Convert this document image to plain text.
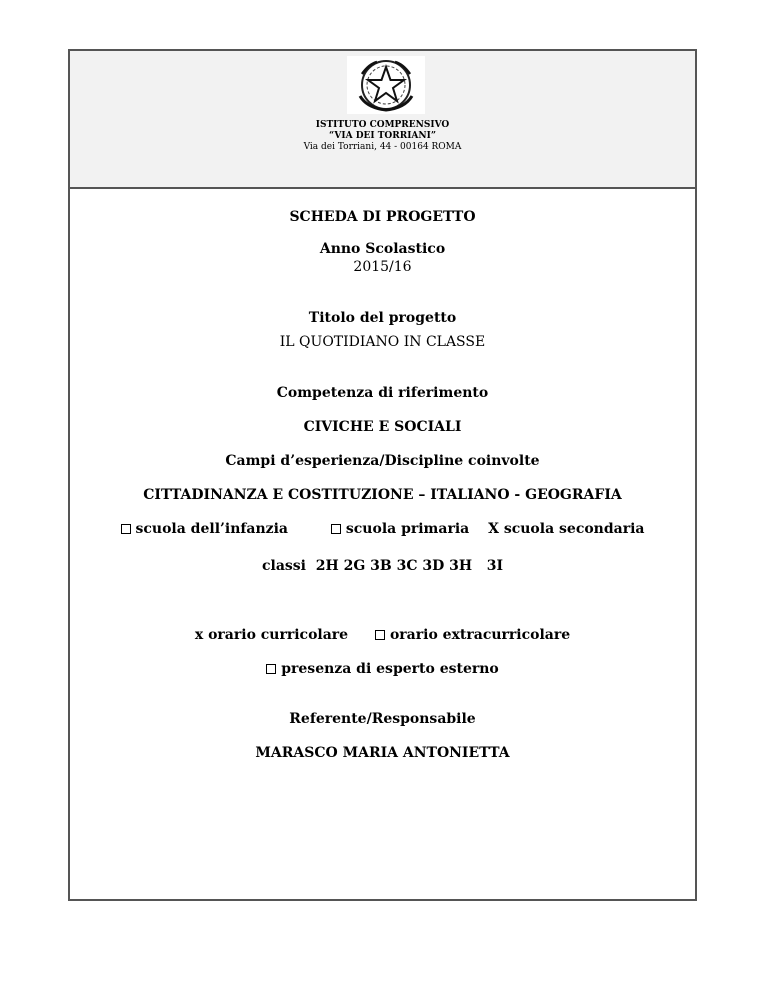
ISTITUTO COMPRENSIVO
“VIA DEI TORRIANI”
Via dei Torriani, 44 - 00164 ROMA
SCHEDA DI PROGETTO
Anno Scolastico
2015/16
Titolo del progetto
IL QUOTIDIANO IN CLASSE
Competenza di riferimento
CIVICHE E SOCIALI
Campi d’esperienza/Discipline coinvolte
CITTADINANZA E COSTITUZIONE – ITALIANO - GEOGRAFIA
scuola dell’infanzia	scuola primaria X scuola secondaria
classi 2H 2G 3B 3C 3D 3H   3I
x orario curricolare	orario extracurricolare
presenza di esperto esterno
Referente/Responsabile
MARASCO MARIA ANTONIETTA
